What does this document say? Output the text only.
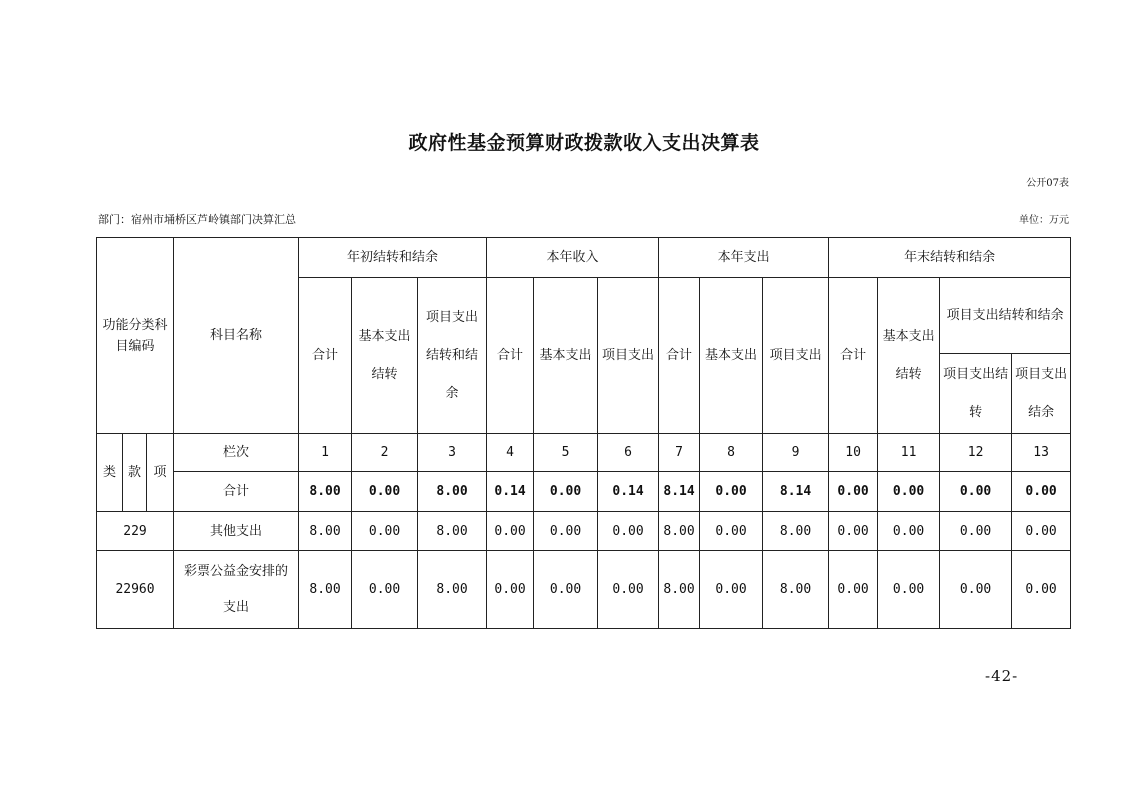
政府性基金预算财政拨款收入支出决算表
公开07表
部门：宿州市埇桥区芦岭镇部门决算汇总	单位：万元
功能分类科目编码			科目名称	年初结转和结余			本年收入			本年支出			年末结转和结余			
				合计	基本支出结转	项目支出结转和结余	合计	基本支出	项目支出	合计	基本支出	项目支出	合计	基本支出结转	项目支出结转和结余	
															项目支出结转	项目支出结余

类	款	项	栏次	1	2	3	4	5	6	7	8	9	10	11	12	13
			合计	8.00	0.00	8.00	0.14	0.00	0.14	8.14	0.00	8.14	0.00	0.00	0.00	0.00
229			其他支出	8.00	0.00	8.00	0.00	0.00	0.00	8.00	0.00	8.00	0.00	0.00	0.00	0.00
22960			彩票公益金安排的支出	8.00	0.00	8.00	0.00	0.00	0.00	8.00	0.00	8.00	0.00	0.00	0.00	0.00
-42-
